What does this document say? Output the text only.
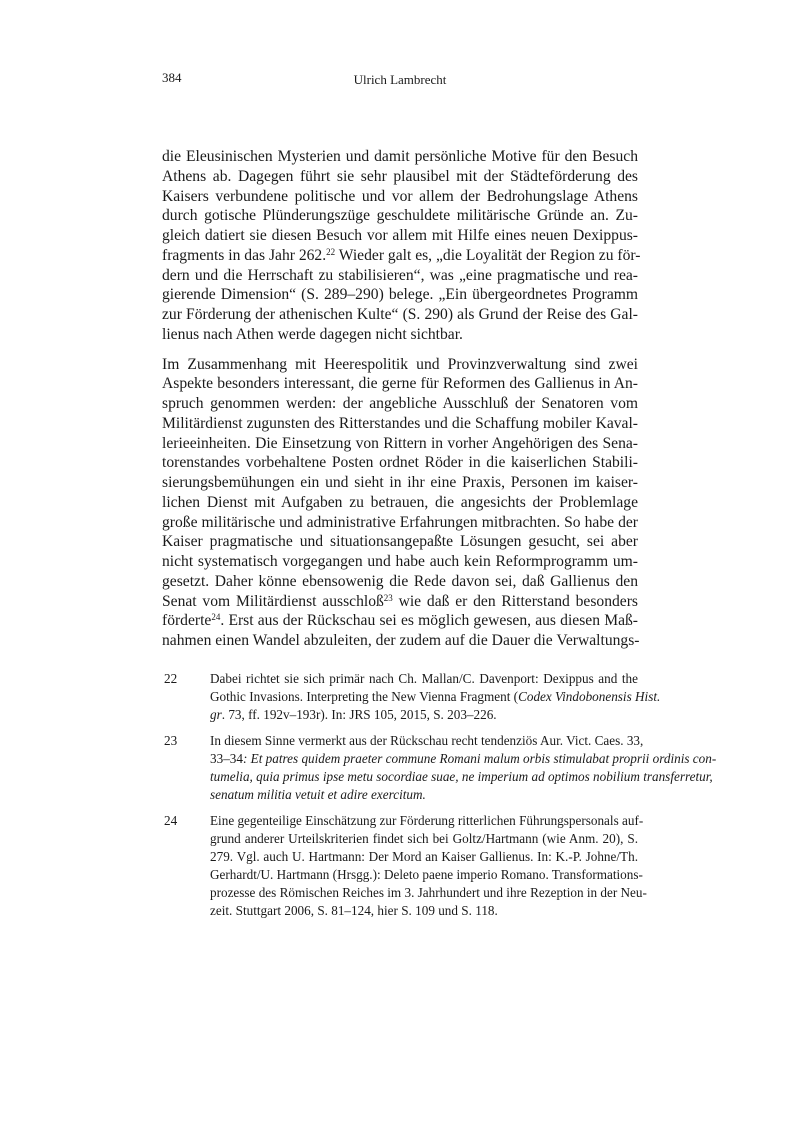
384	Ulrich Lambrecht
die Eleusinischen Mysterien und damit persönliche Motive für den Besuch
Athens ab. Dagegen führt sie sehr plausibel mit der Städteförderung des
Kaisers verbundene politische und vor allem der Bedrohungslage Athens
durch gotische Plünderungszüge geschuldete militärische Gründe an. Zu-
gleich datiert sie diesen Besuch vor allem mit Hilfe eines neuen Dexippus-
fragments in das Jahr 262.22 Wieder galt es, „die Loyalität der Region zu för-
dern und die Herrschaft zu stabilisieren“, was „eine pragmatische und rea-
gierende Dimension“ (S. 289–290) belege. „Ein übergeordnetes Programm
zur Förderung der athenischen Kulte“ (S. 290) als Grund der Reise des Gal-
lienus nach Athen werde dagegen nicht sichtbar.
Im Zusammenhang mit Heerespolitik und Provinzverwaltung sind zwei
Aspekte besonders interessant, die gerne für Reformen des Gallienus in An-
spruch genommen werden: der angebliche Ausschluß der Senatoren vom
Militärdienst zugunsten des Ritterstandes und die Schaffung mobiler Kaval-
lerieeinheiten. Die Einsetzung von Rittern in vorher Angehörigen des Sena-
torenstandes vorbehaltene Posten ordnet Röder in die kaiserlichen Stabili-
sierungsbemühungen ein und sieht in ihr eine Praxis, Personen im kaiser-
lichen Dienst mit Aufgaben zu betrauen, die angesichts der Problemlage
große militärische und administrative Erfahrungen mitbrachten. So habe der
Kaiser pragmatische und situationsangepaßte Lösungen gesucht, sei aber
nicht systematisch vorgegangen und habe auch kein Reformprogramm um-
gesetzt. Daher könne ebensowenig die Rede davon sei, daß Gallienus den
Senat vom Militärdienst ausschloß$^{23}$ wie daß er den Ritterstand besonders
förderte$^{24}$. Erst aus der Rückschau sei es möglich gewesen, aus diesen Maß-
nahmen einen Wandel abzuleiten, der zudem auf die Dauer die Verwaltungs-
22 Dabei richtet sie sich primär nach Ch. Mallan/C. Davenport: Dexippus and the
Gothic Invasions. Interpreting the New Vienna Fragment (Codex Vindobonensis Hist.
gr. 73, ff. 192v–193r). In: JRS 105, 2015, S. 203–226.
23 In diesem Sinne vermerkt aus der Rückschau recht tendenziös Aur. Vict. Caes. 33,
33–34: Et patres quidem praeter commune Romani malum orbis stimulabat proprii ordinis con-
tumelia, quia primus ipse metu socordiae suae, ne imperium ad optimos nobilium transferretur,
senatum militia vetuit et adire exercitum.
24 Eine gegenteilige Einschätzung zur Förderung ritterlichen Führungspersonals auf-
grund anderer Urteilskriterien findet sich bei Goltz/Hartmann (wie Anm. 20), S.
279. Vgl. auch U. Hartmann: Der Mord an Kaiser Gallienus. In: K.-P. Johne/Th.
Gerhardt/U. Hartmann (Hrsgg.): Deleto paene imperio Romano. Transformations-
prozesse des Römischen Reiches im 3. Jahrhundert und ihre Rezeption in der Neu-
zeit. Stuttgart 2006, S. 81–124, hier S. 109 und S. 118.
